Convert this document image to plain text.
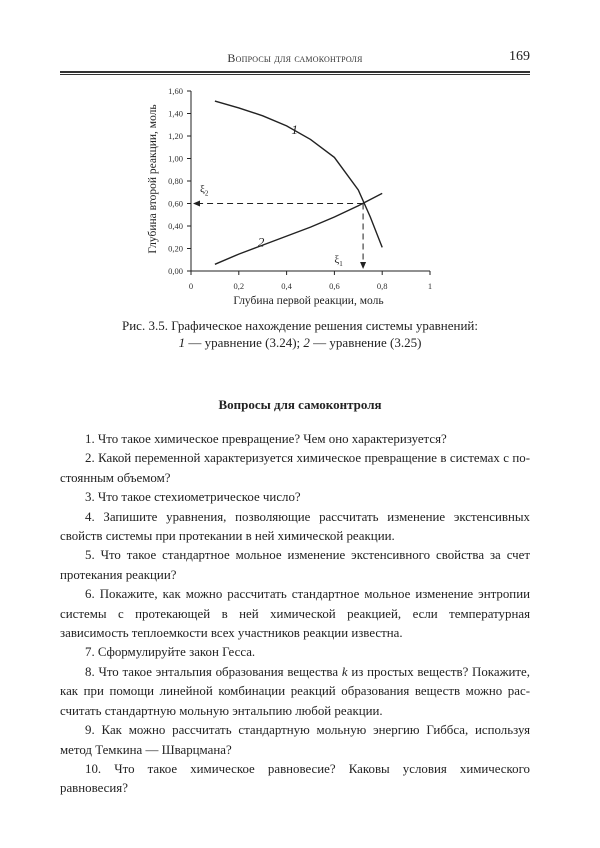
Вопросы для самоконтроля	169
0,00
0,20
0,40
0,60
0,80
1,00
1,20
1,40
1,60
0	0,2	0,4	0,6	0,8	1
1
2
$\xi_1$
$\xi_2$
Глубина первой реакции, моль
Глубина второй реакции, моль
Рис. 3.5. Графическое нахождение решения системы уравнений:
1 — уравнение (3.24); 2 — уравнение (3.25)
Вопросы для самоконтроля

1. Что такое химическое превращение? Чем оно характеризуется?

2. Какой переменной характеризуется химическое превращение в системах с по-стоянным объемом?

3. Что такое стехиометрическое число?

4. Запишите уравнения, позволяющие рассчитать изменение экстенсивных свойств системы при протекании в ней химической реакции.

5. Что такое стандартное мольное изменение экстенсивного свойства за счет протекания реакции?

6. Покажите, как можно рассчитать стандартное мольное изменение энтропии системы с протекающей в ней химической реакцией, если температурная зависимость теплоемкости всех участников реакции известна.

7. Сформулируйте закон Гесса.

8. Что такое энтальпия образования вещества k из простых веществ? Покажите, как при помощи линейной комбинации реакций образования веществ можно рас-считать стандартную мольную энтальпию любой реакции.

9. Как можно рассчитать стандартную мольную энергию Гиббса, используя метод Темкина — Шварцмана?

10. Что такое химическое равновесие? Каковы условия химического равновесия?
